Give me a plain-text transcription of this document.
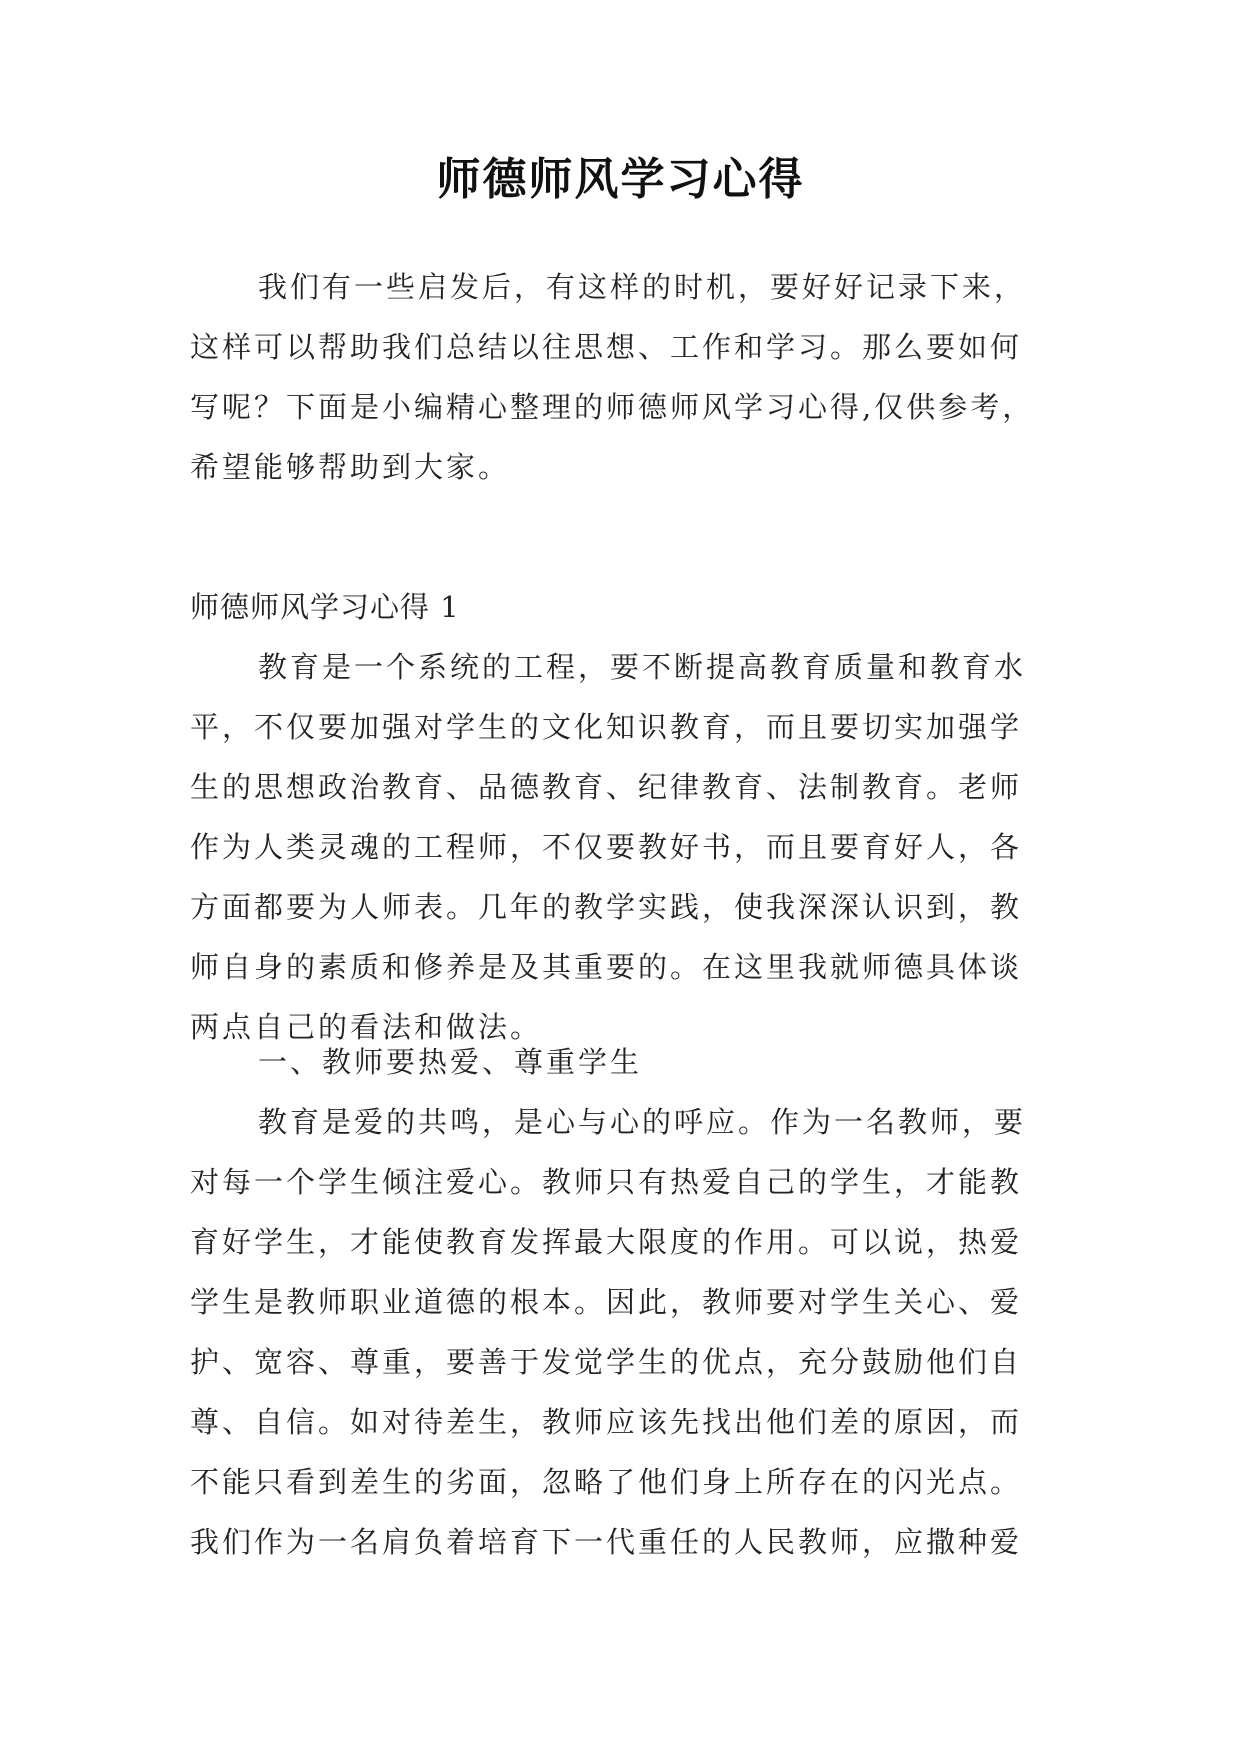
师德师风学习心得

我们有一些启发后，有这样的时机，要好好记录下来，这样可以帮助我们总结以往思想、工作和学习。那么要如何写呢？下面是小编精心整理的师德师风学习心得,仅供参考，希望能够帮助到大家。

师德师风学习心得 1

教育是一个系统的工程，要不断提高教育质量和教育水平，不仅要加强对学生的文化知识教育，而且要切实加强学生的思想政治教育、品德教育、纪律教育、法制教育。老师作为人类灵魂的工程师，不仅要教好书，而且要育好人，各方面都要为人师表。几年的教学实践，使我深深认识到，教师自身的素质和修养是及其重要的。在这里我就师德具体谈两点自己的看法和做法。

一、教师要热爱、尊重学生

教育是爱的共鸣，是心与心的呼应。作为一名教师，要对每一个学生倾注爱心。教师只有热爱自己的学生，才能教育好学生，才能使教育发挥最大限度的作用。可以说，热爱学生是教师职业道德的根本。因此，教师要对学生关心、爱护、宽容、尊重，要善于发觉学生的优点，充分鼓励他们自尊、自信。如对待差生，教师应该先找出他们差的原因，而不能只看到差生的劣面，忽略了他们身上所存在的闪光点。我们作为一名肩负着培育下一代重任的人民教师，应撒种爱
